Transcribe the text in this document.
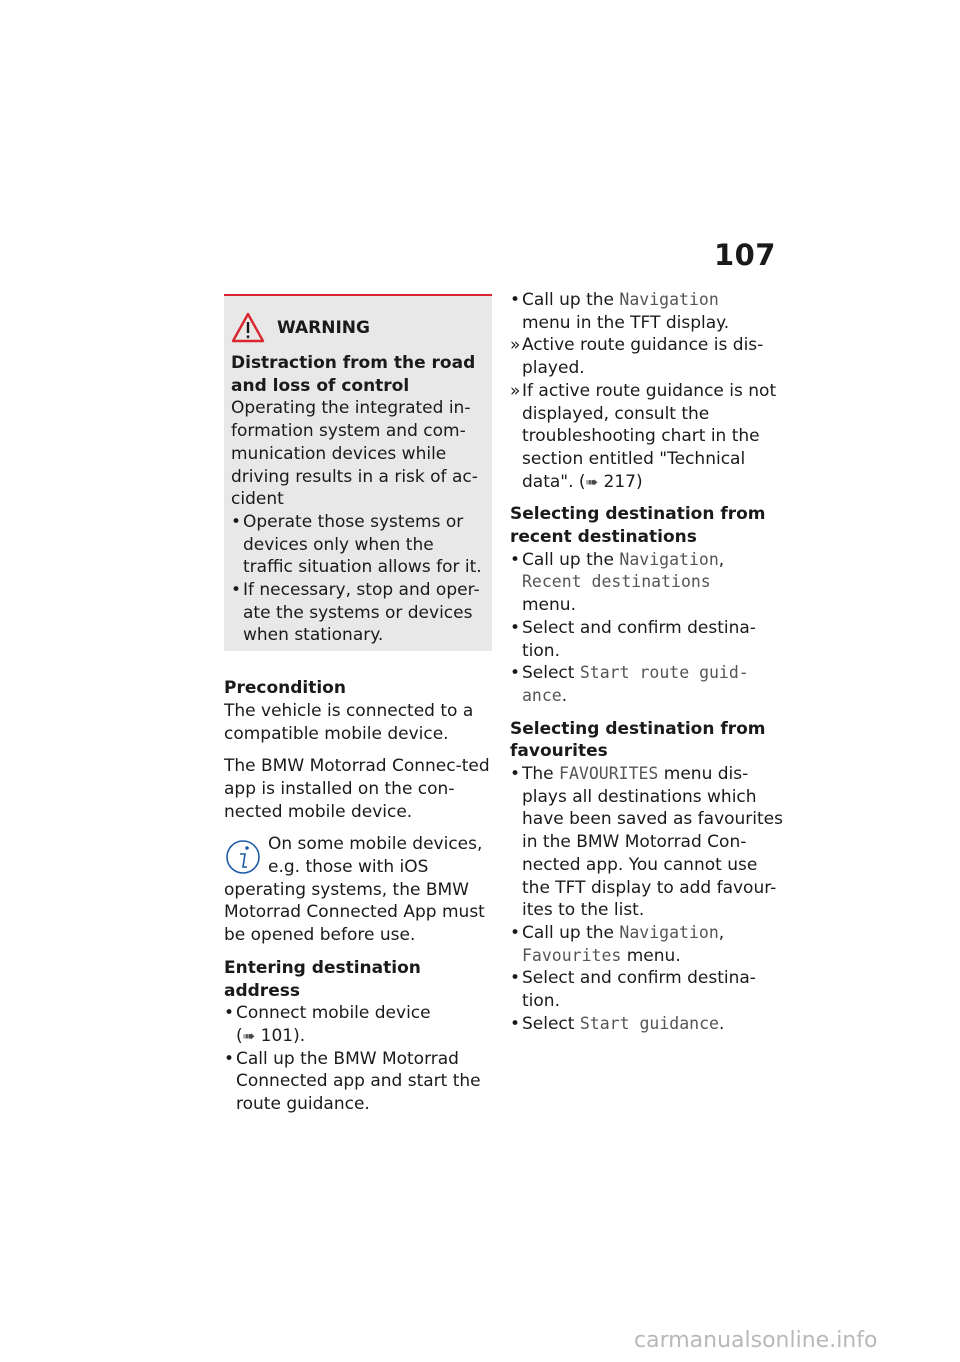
107
WARNING
Distraction from the road
and loss of control
Operating the integrated in-formation system and com-munication devices while driving results in a risk of ac-cident
• Operate those systems or devices only when the traffic situation allows for it.
• If necessary, stop and oper-ate the systems or devices when stationary.
Precondition
The vehicle is connected to a compatible mobile device.
The BMW Motorrad Connec-ted app is installed on the con-nected mobile device.
On some mobile devices, e.g. those with iOS operating systems, the BMW Motorrad Connected App must be opened before use.
Entering destination address
• Connect mobile device
(➠ 101).
• Call up the BMW Motorrad Connected app and start the route guidance.
• Call up the Navigation
menu in the TFT display.
» Active route guidance is dis-played.
» If active route guidance is not displayed, consult the troubleshooting chart in the section entitled "Technical data". (➠ 217)
Selecting destination from recent destinations
• Call up the Navigation,
Recent destinations
menu.
• Select and confirm destina-tion.
• Select Start route guid-ance.
Selecting destination from favourites
• The FAVOURITES menu dis-plays all destinations which have been saved as favourites in the BMW Motorrad Con-nected app. You cannot use the TFT display to add favour-ites to the list.
• Call up the Navigation,
Favourites menu.
• Select and confirm destina-tion.
• Select Start guidance.
carmanualsonline.info
